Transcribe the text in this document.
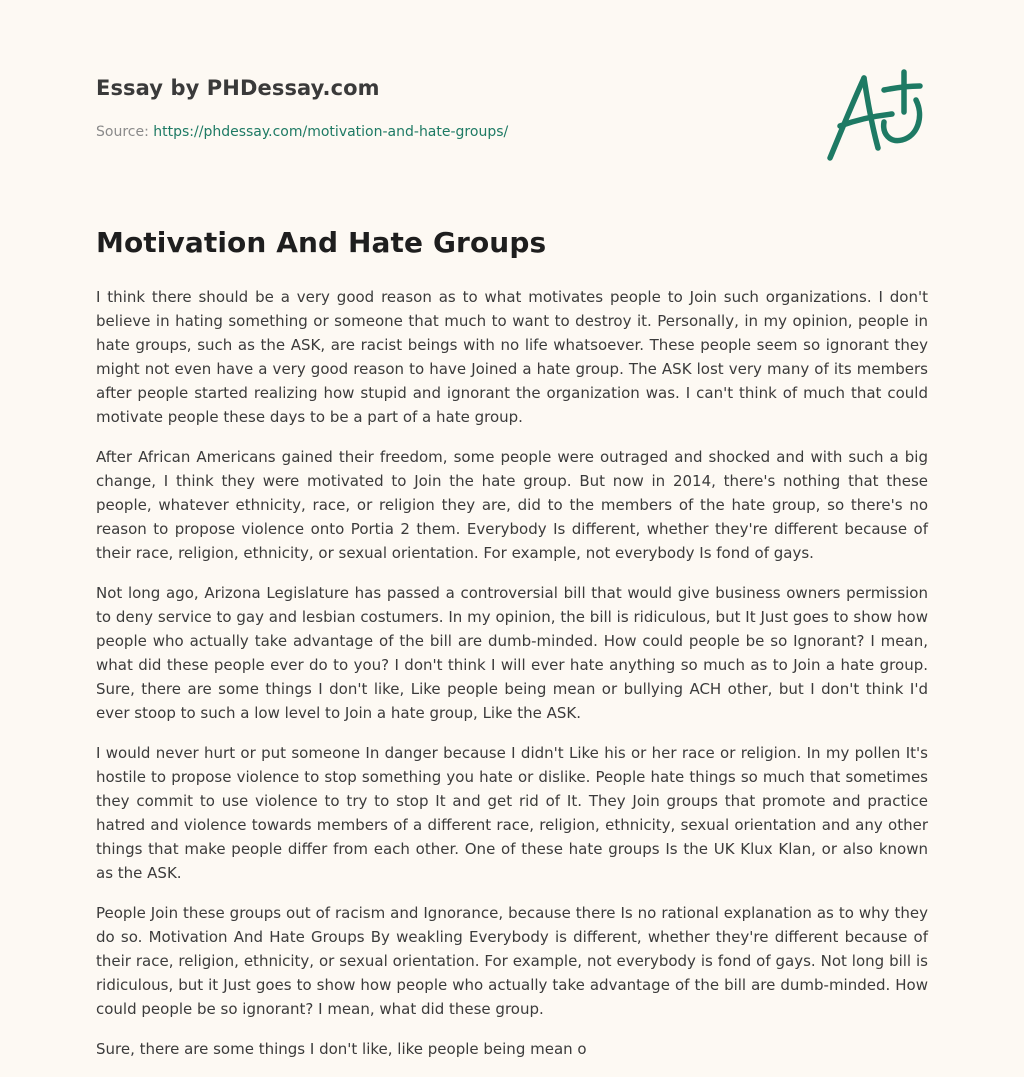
Essay by PHDessay.com

Source: https://phdessay.com/motivation-and-hate-groups/

Motivation And Hate Groups

I think there should be a very good reason as to what motivates people to Join such organizations. I don't believe in hating something or someone that much to want to destroy it. Personally, in my opinion, people in hate groups, such as the ASK, are racist beings with no life whatsoever. These people seem so ignorant they might not even have a very good reason to have Joined a hate group. The ASK lost very many of its members after people started realizing how stupid and ignorant the organization was. I can't think of much that could motivate people these days to be a part of a hate group.

After African Americans gained their freedom, some people were outraged and shocked and with such a big change, I think they were motivated to Join the hate group. But now in 2014, there's nothing that these people, whatever ethnicity, race, or religion they are, did to the members of the hate group, so there's no reason to propose violence onto Portia 2 them. Everybody Is different, whether they're different because of their race, religion, ethnicity, or sexual orientation. For example, not everybody Is fond of gays.

Not long ago, Arizona Legislature has passed a controversial bill that would give business owners permission to deny service to gay and lesbian costumers. In my opinion, the bill is ridiculous, but It Just goes to show how people who actually take advantage of the bill are dumb-minded. How could people be so Ignorant? I mean, what did these people ever do to you? I don't think I will ever hate anything so much as to Join a hate group. Sure, there are some things I don't like, Like people being mean or bullying ACH other, but I don't think I'd ever stoop to such a low level to Join a hate group, Like the ASK.

I would never hurt or put someone In danger because I didn't Like his or her race or religion. In my pollen It's hostile to propose violence to stop something you hate or dislike. People hate things so much that sometimes they commit to use violence to try to stop It and get rid of It. They Join groups that promote and practice hatred and violence towards members of a different race, religion, ethnicity, sexual orientation and any other things that make people differ from each other. One of these hate groups Is the UK Klux Klan, or also known as the ASK.

People Join these groups out of racism and Ignorance, because there Is no rational explanation as to why they do so. Motivation And Hate Groups By weakling Everybody is different, whether they're different because of their race, religion, ethnicity, or sexual orientation. For example, not everybody is fond of gays. Not long bill is ridiculous, but it Just goes to show how people who actually take advantage of the bill are dumb-minded. How could people be so ignorant? I mean, what did these group.

Sure, there are some things I don't like, like people being mean o
